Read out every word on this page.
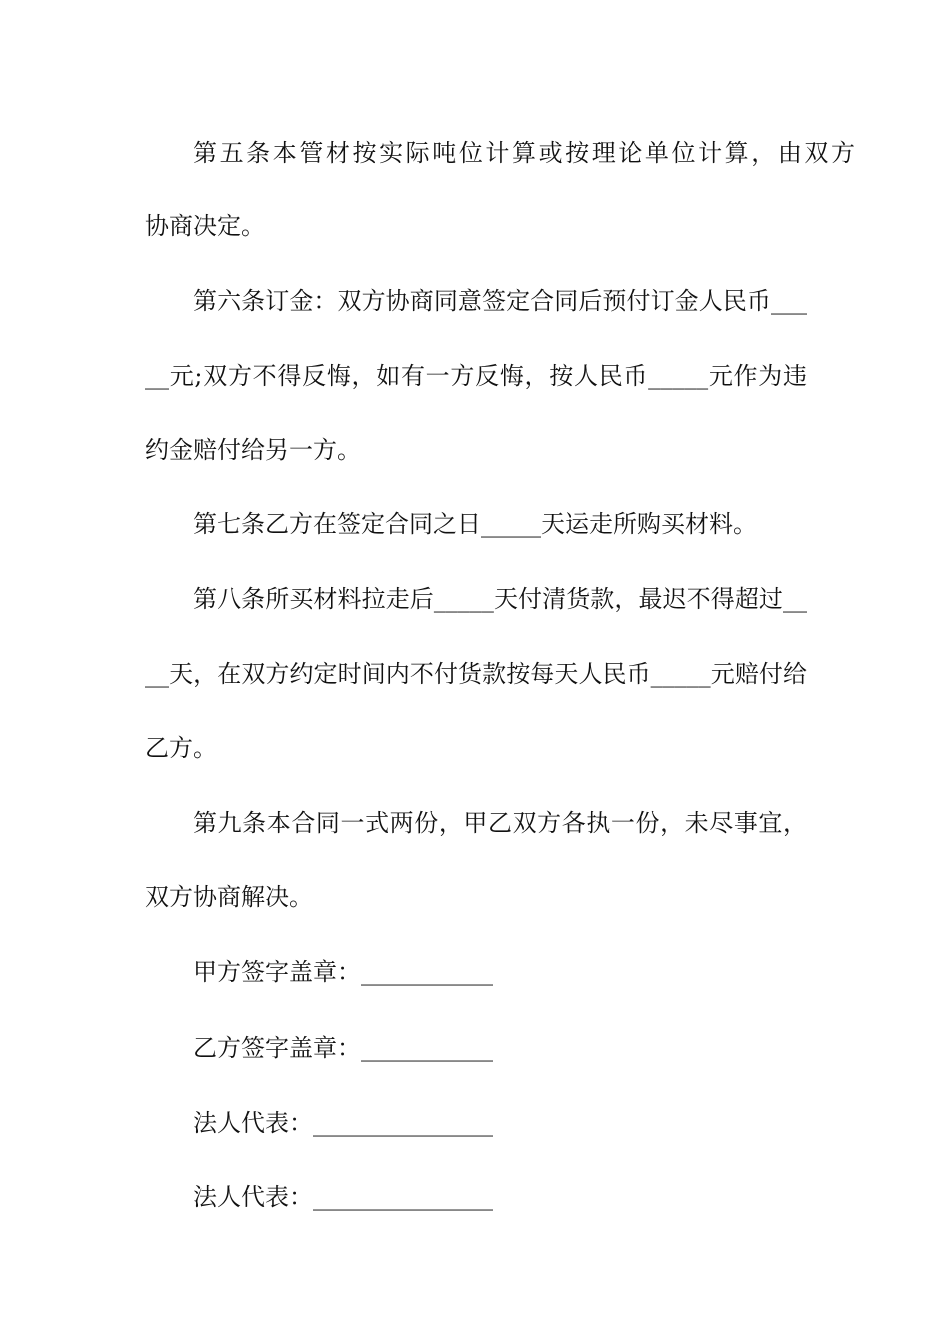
第五条本管材按实际吨位计算或按理论单位计算，由双方

协商决定。

第六条订金：双方协商同意签定合同后预付订金人民币___

__元;双方不得反悔，如有一方反悔，按人民币_____元作为违

约金赔付给另一方。

第七条乙方在签定合同之日_____天运走所购买材料。

第八条所买材料拉走后_____天付清货款，最迟不得超过__

__天，在双方约定时间内不付货款按每天人民币_____元赔付给

乙方。

第九条本合同一式两份，甲乙双方各执一份，未尽事宜，

双方协商解决。

甲方签字盖章：___________

乙方签字盖章：___________

法人代表：_______________

法人代表：_______________
